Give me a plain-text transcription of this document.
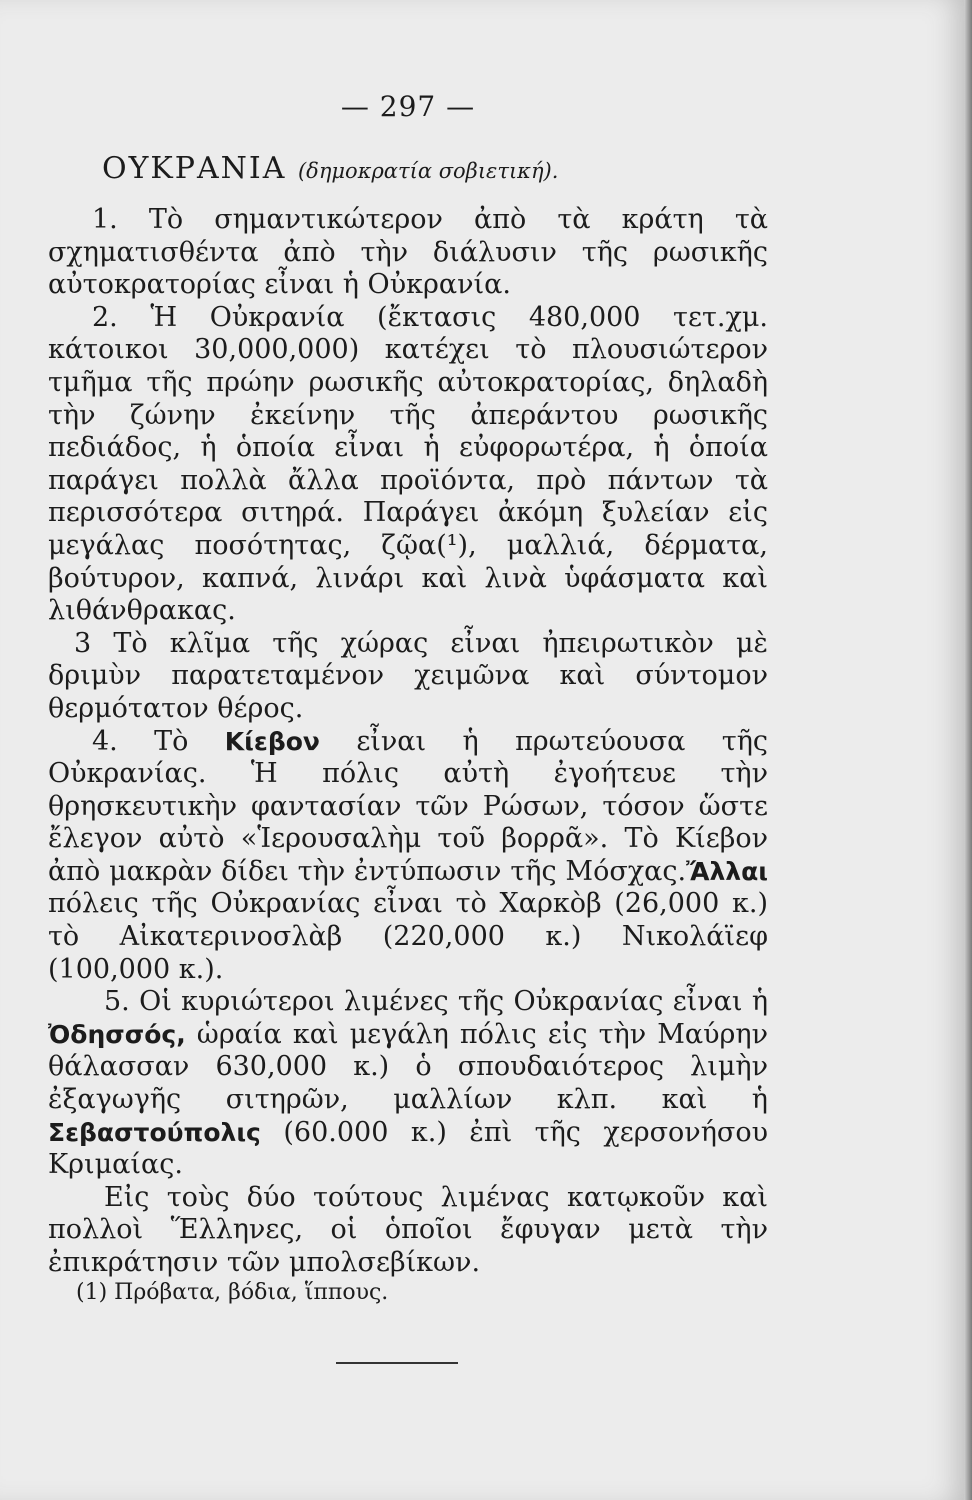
— 297 —
ΟΥΚΡΑΝΙΑ (δημοκρατία σοβιετική).

1. Τὸ σημαντικώτερον ἀπὸ τὰ κράτη τὰ σχηματισθέντα ἀπὸ τὴν διάλυσιν τῆς ρωσικῆς αὐτοκρατορίας εἶναι ἡ Οὐκρανία.

2. Ἡ Οὐκρανία (ἔκτασις 480,000 τετ.χμ. κάτοικοι 30,000,000) κατέχει τὸ πλουσιώτερον τμῆμα τῆς πρώην ρωσικῆς αὐτοκρατορίας, δηλαδὴ τὴν ζώνην ἐκείνην τῆς ἀπεράντου ρωσικῆς πεδιάδος, ἡ ὁποία εἶναι ἡ εὐφορωτέρα, ἡ ὁποία παράγει πολλὰ ἄλλα προϊόντα, πρὸ πάντων τὰ περισσότερα σιτηρά. Παράγει ἀκόμη ξυλείαν εἰς μεγάλας ποσότητας, ζῷα(¹), μαλλιά, δέρματα, βούτυρον, καπνά, λινάρι καὶ λινὰ ὑφάσματα καὶ λιθάνθρακας.

3 Τὸ κλῖμα τῆς χώρας εἶναι ἠπειρωτικὸν μὲ δριμὺν παρατεταμένον χειμῶνα καὶ σύντομον θερμότατον θέρος.

4. Τὸ Κίεβον εἶναι ἡ πρωτεύουσα τῆς Οὐκρανίας. Ἡ πόλις αὐτὴ ἐγοήτευε τὴν θρησκευτικὴν φαντασίαν τῶν Ρώσων, τόσον ὥστε ἔλεγον αὐτὸ «Ἱερουσαλὴμ τοῦ βορρᾶ». Τὸ Κίεβον ἀπὸ μακρὰν δίδει τὴν ἐντύπωσιν τῆς Μόσχας.Ἄλλαι πόλεις τῆς Οὐκρανίας εἶναι τὸ Χαρκὸβ (26,000 κ.) τὸ Αἰκατερινοσλὰβ (220,000 κ.) Νικολάϊεφ (100,000 κ.).

5. Οἱ κυριώτεροι λιμένες τῆς Οὐκρανίας εἶναι ἡ Ὀδησσός, ὡραία καὶ μεγάλη πόλις εἰς τὴν Μαύρην θάλασσαν 630,000 κ.) ὁ σπουδαιότερος λιμὴν ἐξαγωγῆς σιτηρῶν, μαλλίων κλπ. καὶ ἡ Σεβαστούπολις (60.000 κ.) ἐπὶ τῆς χερσονήσου Κριμαίας.

Εἰς τοὺς δύο τούτους λιμένας κατῳκοῦν καὶ πολλοὶ Ἕλληνες, οἱ ὁποῖοι ἔφυγαν μετὰ τὴν ἐπικράτησιν τῶν μπολσεβίκων.

(1) Πρόβατα, βόδια, ἵππους.
